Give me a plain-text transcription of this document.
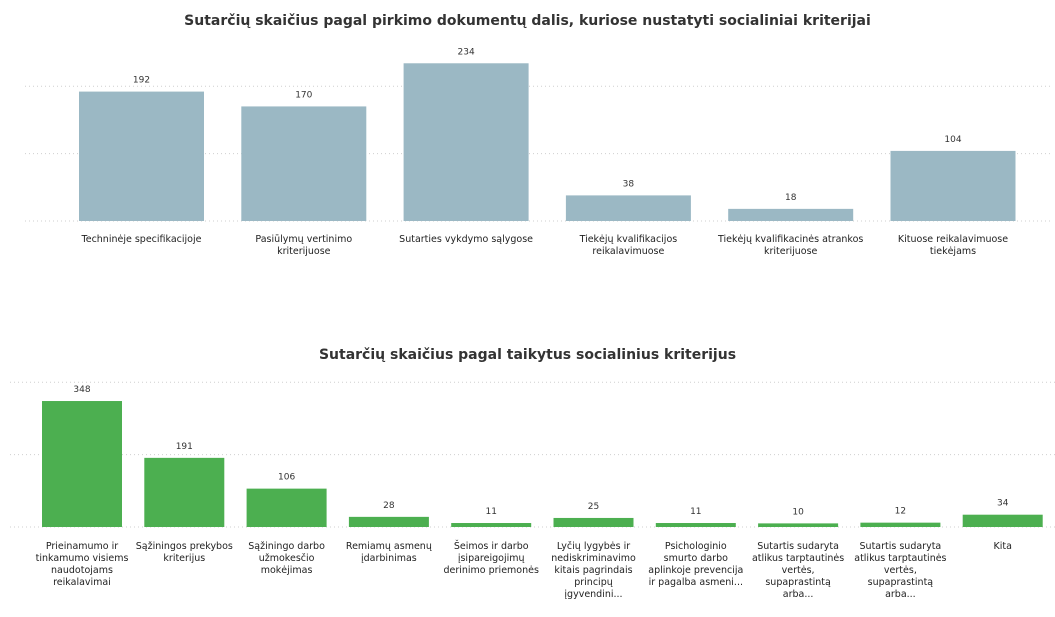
Sutarčių skaičius pagal pirkimo dokumentų dalis, kuriose nustatyti socialiniai kriterijai
Sutarčių skaičius pagal taikytus socialinius kriterijus
192
170
234
38
18
104
348
191
106
28
11
25
11	10	12
34
Techninėje specifikacijoje	Pasiūlymų vertinimo kriterijuose
Sutarties vykdymo sąlygose	Tiekėjų kvalifikacijos reikalavimuose
Tiekėjų kvalifikacinės atrankos kriterijuose
Kituose reikalavimuose tiekėjams
Prieinamumo ir tinkamumo visiems naudotojams reikalavimai
Sąžiningos prekybos kriterijus
Sąžiningo darbo užmokesčio mokėjimas
Remiamų asmenų įdarbinimas
Šeimos ir darbo įsipareigojimų derinimo priemonės
Lyčių lygybės ir nediskriminavimo kitais pagrindais principų įgyvendini...
Psichologinio smurto darbo aplinkoje prevencija ir pagalba asmeni...
Sutartis sudaryta atlikus tarptautinės vertės, supaprastintą arba...
Sutartis sudaryta atlikus tarptautinės vertės, supaprastintą arba...
Kita
